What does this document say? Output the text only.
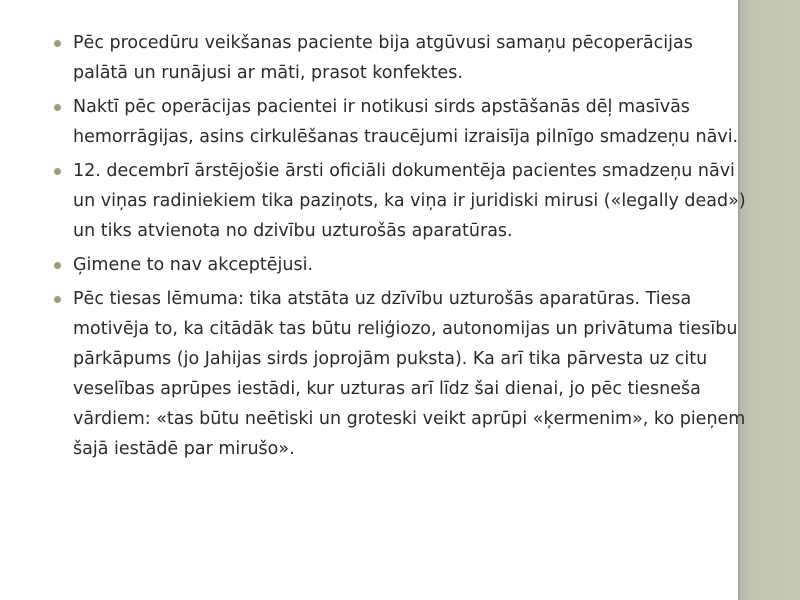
Pēc procedūru veikšanas paciente bija atgūvusi samaņu pēcoperācijas palātā un runājusi ar māti, prasot konfektes.
Naktī pēc operācijas pacientei ir notikusi sirds apstāšanās dēļ masīvās hemorrāgijas, asins cirkulēšanas traucējumi izraisīja pilnīgo smadzeņu nāvi.
12. decembrī ārstējošie ārsti oficiāli dokumentēja pacientes smadzeņu nāvi un viņas radiniekiem tika paziņots, ka viņa ir juridiski mirusi («legally dead») un tiks atvienota no dzivību uzturošās aparatūras.
Ģimene to nav akceptējusi.
Pēc tiesas lēmuma: tika atstāta uz dzīvību uzturošās aparatūras. Tiesa motivēja to, ka citādāk tas būtu reliģiozo, autonomijas un privātuma tiesību pārkāpums (jo Jahijas sirds joprojām puksta). Ka arī tika pārvesta uz citu veselības aprūpes iestādi, kur uzturas arī līdz šai dienai, jo pēc tiesneša vārdiem: «tas būtu neētiski un groteski veikt aprūpi «ķermenim», ko pieņem šajā iestādē par mirušo».
